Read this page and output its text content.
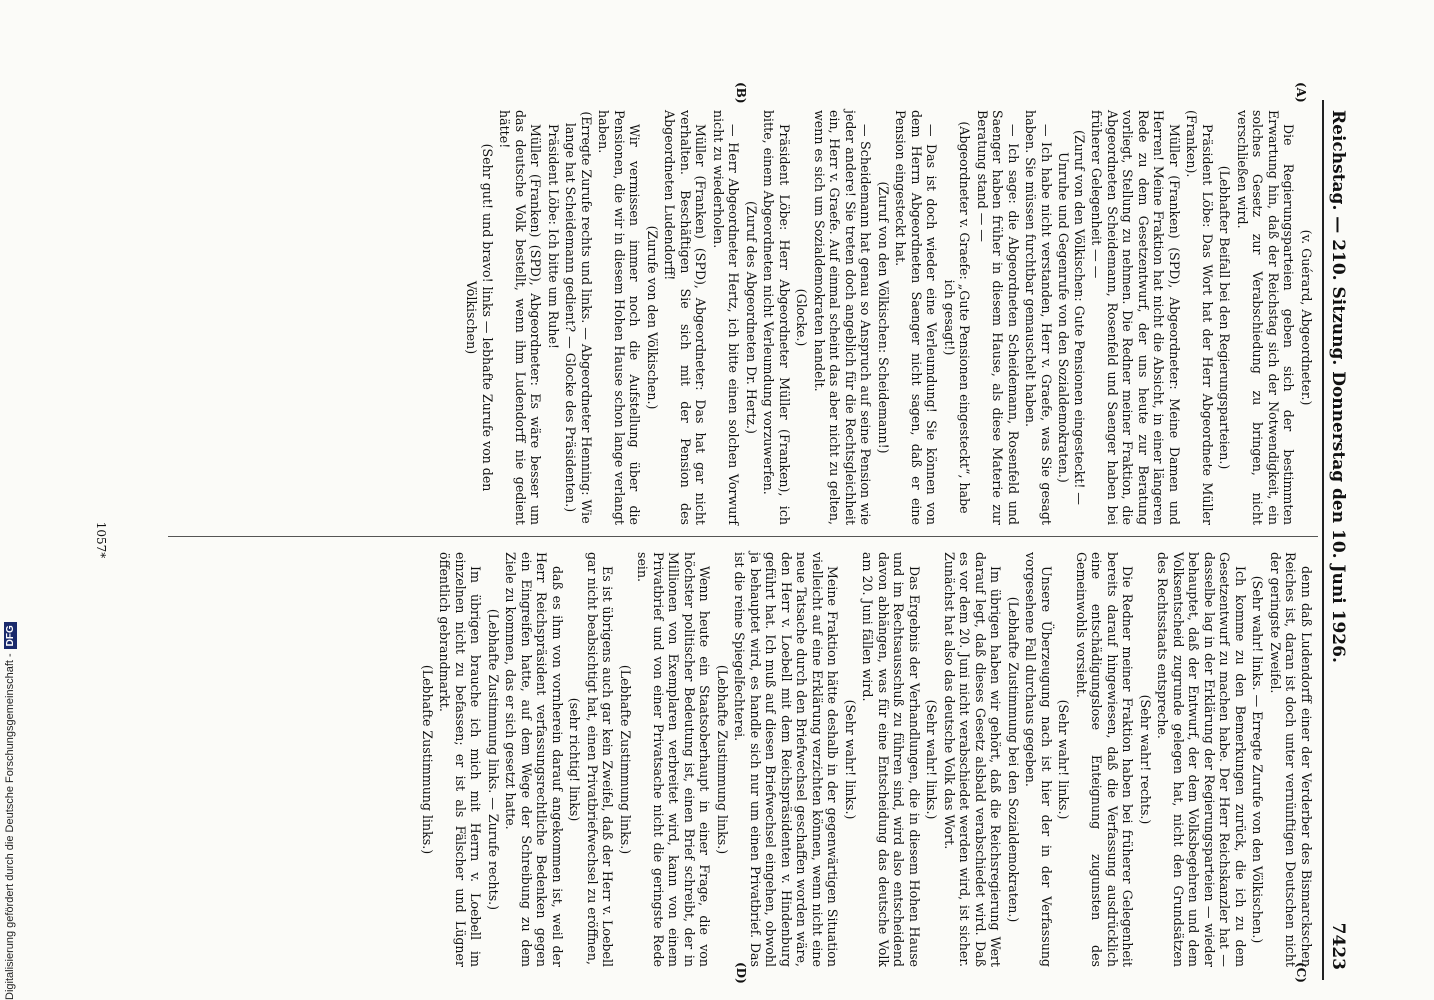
Reichstag. — 210. Sitzung. Donnerstag den 10. Juni 1926.
7423
(A)
(B)
(C)
(D)

(v. Guérard, Abgeordneter.)

Die Regierungsparteien geben sich der bestimmten Erwartung hin, daß der Reichstag sich der Notwendigkeit, ein solches Gesetz zur Verabschiedung zu bringen, nicht verschließen wird.

(Lebhafter Beifall bei den Regierungsparteien.)

Präsident Löbe: Das Wort hat der Herr Abgeordnete Müller (Franken).

Müller (Franken) (SPD), Abgeordneter: Meine Damen und Herren! Meine Fraktion hat nicht die Absicht, in einer längeren Rede zu dem Gesetzentwurf, der uns heute zur Beratung vorliegt, Stellung zu nehmen. Die Redner meiner Fraktion, die Abgeordneten Scheidemann, Rosenfeld und Saenger haben bei früherer Gelegenheit — —

(Zuruf von den Völkischen: Gute Pensionen eingesteckt! — Unruhe und Gegenrufe von den Sozialdemokraten.)

— Ich habe nicht verstanden, Herr v. Graefe, was Sie gesagt haben. Sie müssen furchtbar gemauschelt haben.

— Ich sage: die Abgeordneten Scheidemann, Rosenfeld und Saenger haben früher in diesem Hause, als diese Materie zur Beratung stand — —

(Abgeordneter v. Graefe: „Gute Pensionen eingesteckt“, habe ich gesagt!)

— Das ist doch wieder eine Verleumdung! Sie können von dem Herrn Abgeordneten Saenger nicht sagen, daß er eine Pension eingesteckt hat.

(Zuruf von den Völkischen: Scheidemann!)

— Scheidemann hat genau so Anspruch auf seine Pension wie jeder andere! Sie treten doch angeblich für die Rechtsgleichheit ein, Herr v. Graefe. Auf einmal scheint das aber nicht zu gelten, wenn es sich um Sozialdemokraten handelt.

(Glocke.)

Präsident Löbe: Herr Abgeordneter Müller (Franken), ich bitte, einem Abgeordneten nicht Verleumdung vorzuwerfen.

(Zuruf des Abgeordneten Dr. Hertz.)

— Herr Abgeordneter Hertz, ich bitte einen solchen Vorwurf nicht zu wiederholen.

Müller (Franken) (SPD), Abgeordneter: Das hat gar nicht verhalten. Beschäftigen Sie sich mit der Pension des Abgeordneten Ludendorff!

(Zurufe von den Völkischen.)

Wir vermissen immer noch die Aufstellung über die Pensionen, die wir in diesem Hohen Hause schon lange verlangt haben.

(Erregte Zurufe rechts und links. — Abgeordneter Henning: Wie lange hat Scheidemann gedient? — Glocke des Präsidenten.)

Präsident Löbe: Ich bitte um Ruhe!

Müller (Franken) (SPD), Abgeordneter: Es wäre besser um das deutsche Volk bestellt, wenn ihm Ludendorff nie gedient hätte!

(Sehr gut! und bravo! links — lebhafte Zurufe von den Völkischen)

denn daß Ludendorff einer der Verderber des Bismarckschen Reiches ist, daran ist doch unter vernünftigen Deutschen nicht der geringste Zweifel.

(Sehr wahr! links. — Erregte Zurufe von den Völkischen.)

Ich komme zu den Bemerkungen zurück, die ich zu dem Gesetzentwurf zu machen habe. Der Herr Reichskanzler hat — dasselbe lag in der Erklärung der Regierungsparteien — wieder behauptet, daß der Entwurf, der dem Volksbegehren und dem Volksentscheid zugrunde gelegen hat, nicht den Grundsätzen des Rechtsstaats entspreche.

(Sehr wahr! rechts.)

Die Redner meiner Fraktion haben bei früherer Gelegenheit bereits darauf hingewiesen, daß die Verfassung ausdrücklich eine entschädigungslose Enteignung zugunsten des Gemeinwohls vorsieht.

(Sehr wahr! links.)

Unsere Überzeugung nach ist hier der in der Verfassung vorgesehene Fall durchaus gegeben.

(Lebhafte Zustimmung bei den Sozialdemokraten.)

Im übrigen haben wir gehört, daß die Reichsregierung Wert darauf legt, daß dieses Gesetz alsbald verabschiedet wird. Daß es vor dem 20. Juni nicht verabschiedet werden wird, ist sicher. Zunächst hat also das deutsche Volk das Wort.

(Sehr wahr! links.)

Das Ergebnis der Verhandlungen, die in diesem Hohen Hause und im Rechtsausschuß zu führen sind, wird also entscheidend davon abhängen, was für eine Entscheidung das deutsche Volk am 20. Juni fällen wird.

(Sehr wahr! links.)

Meine Fraktion hätte deshalb in der gegenwärtigen Situation vielleicht auf eine Erklärung verzichten können, wenn nicht eine neue Tatsache durch den Briefwechsel geschaffen worden wäre, den Herr v. Loebell mit dem Reichspräsidenten v. Hindenburg geführt hat. Ich muß auf diesen Briefwechsel eingehen, obwohl ja behauptet wird, es handle sich nur um einen Privatbrief. Das ist die reine Spiegelfechterei.

(Lebhafte Zustimmung links.)

Wenn heute ein Staatsoberhaupt in einer Frage, die von höchster politischer Bedeutung ist, einen Brief schreibt, der in Millionen von Exemplaren verbreitet wird, kann von einem Privatbrief und von einer Privatsache nicht die geringste Rede sein.

(Lebhafte Zustimmung links.)

Es ist übrigens auch gar kein Zweifel, daß der Herr v. Loebell gar nicht beabsichtigt hat, einen Privatbriefwechsel zu eröffnen,

(sehr richtig! links)

daß es ihm von vornherein darauf angekommen ist, weil der Herr Reichspräsident verfassungsrechtliche Bedenken gegen ein Eingreifen hatte, auf dem Wege der Schreibung zu dem Ziele zu kommen, das er sich gesetzt hatte.

(Lebhafte Zustimmung links. — Zurufe rechts.)

Im übrigen brauche ich mich mit Herrn v. Loebell im einzelnen nicht zu befassen; er ist als Fälscher und Lügner öffentlich gebrandmarkt.

(Lebhafte Zustimmung links.)

1057*
Digitalisierung gefördert durch die Deutsche Forschungsgemeinschaft -DFG
